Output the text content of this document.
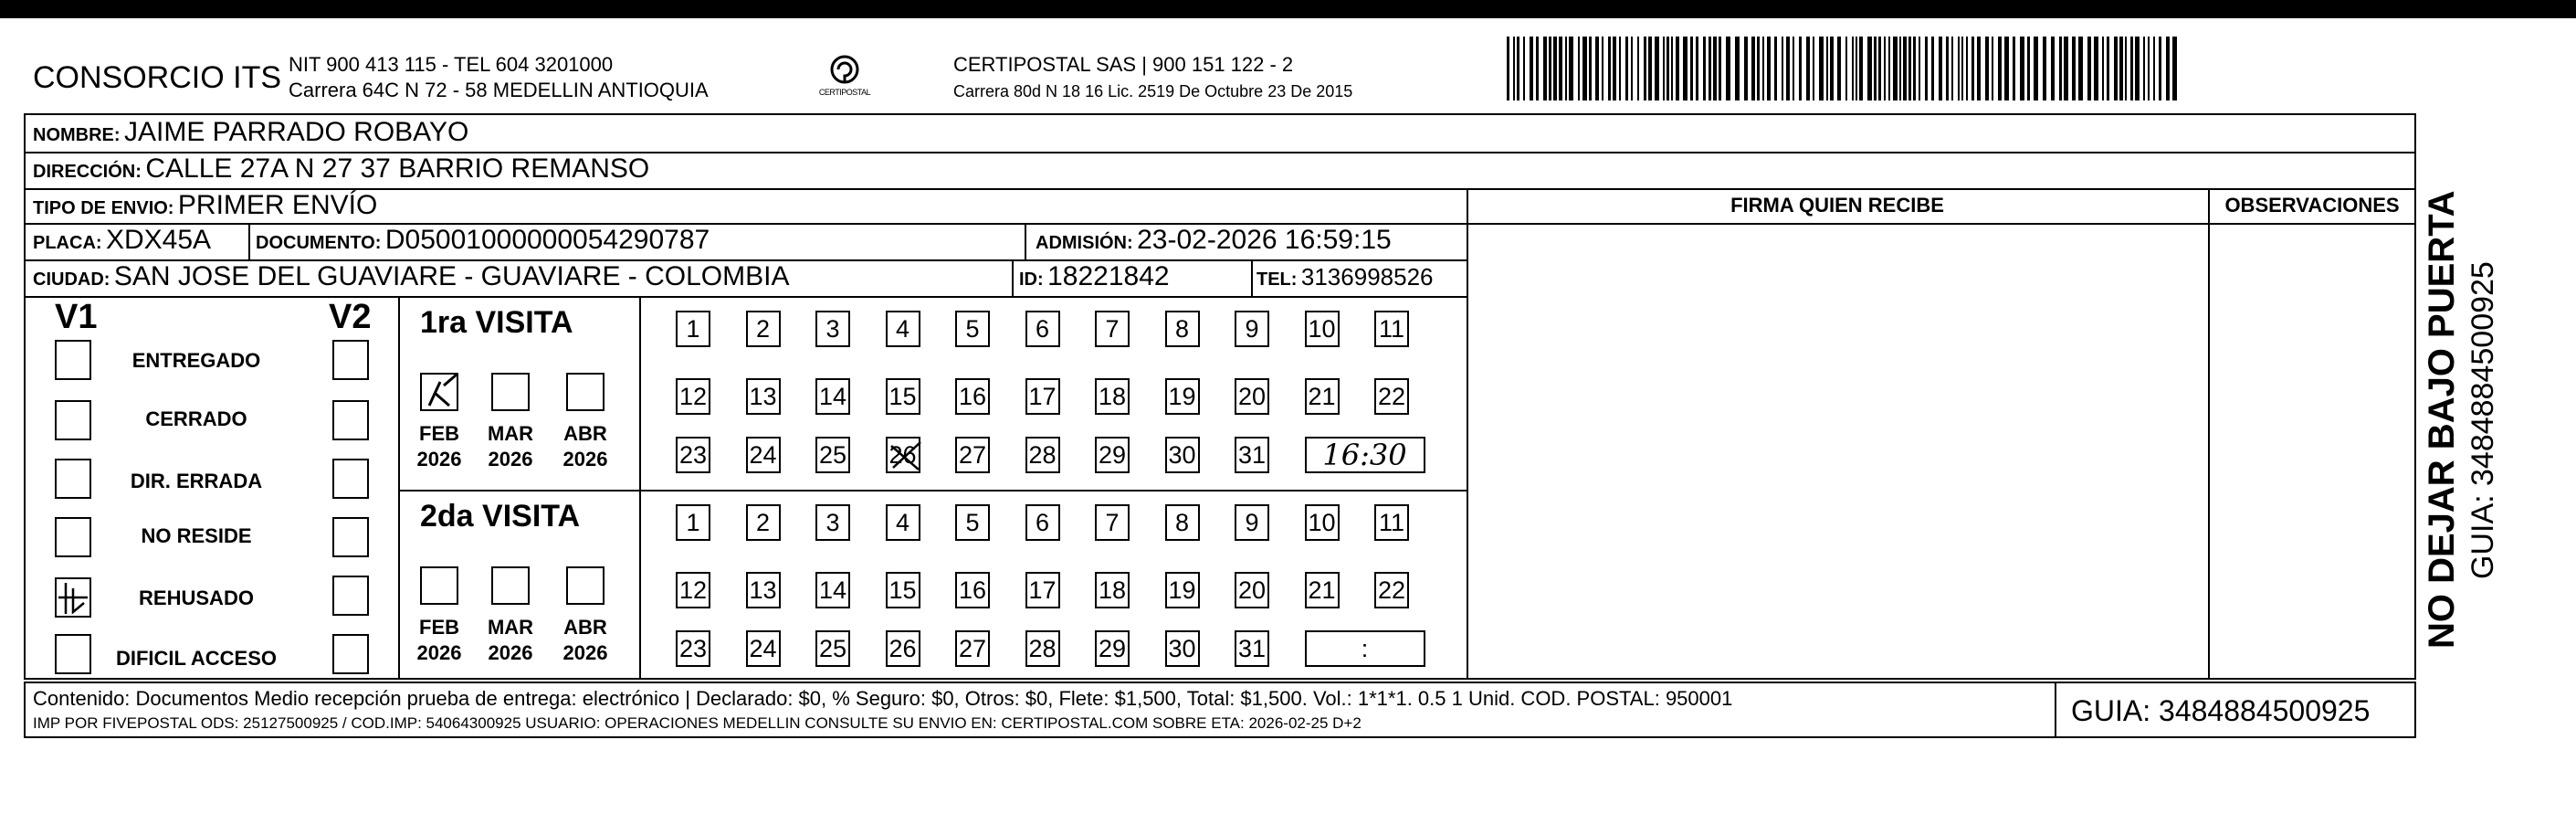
CONSORCIO ITS NIT 900 413 115 - TEL 604 3201000
Carrera 64C N 72 - 58 MEDELLIN ANTIOQUIA	CERTIPOSTAL
CERTIPOSTAL SAS | 900 151 122 - 2
Carrera 80d N 18 16 Lic. 2519 De Octubre 23 De 2015
NOMBRE: JAIME PARRADO ROBAYO
DIRECCIÓN: CALLE 27A N 27 37 BARRIO REMANSO
TIPO DE ENVIO: PRIMER ENVÍO	FIRMA QUIEN RECIBE	OBSERVACIONES
PLACA: XDX45A DOCUMENTO: D05001000000054290787	ADMISIÓN: 23-02-2026 16:59:15
CIUDAD: SAN JOSE DEL GUAVIARE - GUAVIARE - COLOMBIA	ID: 18221842	TEL: 3136998526
V1	V2
ENTREGADO
CERRADO
DIR. ERRADA
NO RESIDE
REHUSADO
DIFICIL ACCESO
1ra VISITA
FEB	MAR	ABR
2026	2026	2026
2da VISITA
FEB	MAR	ABR
2026	2026	2026
1	2	3	4	5	6	7	8	9	10 11
12 13 14 15 16 17 18 19 20 21 22
23 24 25 26 27 28 29 30 31	16:30
1	2	3	4	5	6	7	8	9	10 11
12 13 14 15 16 17 18 19 20 21 22
23 24 25 26 27 28 29 30 31	:
Contenido: Documentos Medio recepción prueba de entrega: electrónico | Declarado: $0, % Seguro: $0, Otros: $0, Flete: $1,500, Total: $1,500. Vol.: 1*1*1. 0.5 1 Unid. COD. POSTAL: 950001
IMP POR FIVEPOSTAL ODS: 25127500925 / COD.IMP: 54064300925 USUARIO: OPERACIONES MEDELLIN CONSULTE SU ENVIO EN: CERTIPOSTAL.COM SOBRE ETA: 2026-02-25 D+2	GUIA: 3484884500925
NO DEJAR BAJO PUERTA GUIA: 3484884500925
